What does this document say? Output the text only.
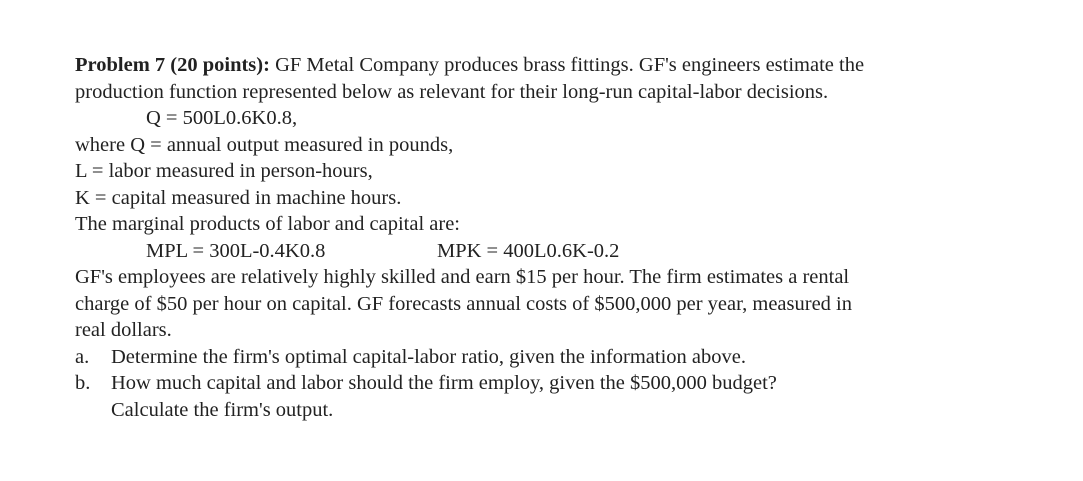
Problem 7 (20 points): GF Metal Company produces brass fittings. GF's engineers estimate the
production function represented below as relevant for their long-run capital-labor decisions.
Q = 500L0.6K0.8,
where Q = annual output measured in pounds,
L = labor measured in person-hours,
K = capital measured in machine hours.
The marginal products of labor and capital are:
MPL = 300L-0.4K0.8	MPK = 400L0.6K-0.2
GF's employees are relatively highly skilled and earn $15 per hour. The firm estimates a rental
charge of $50 per hour on capital. GF forecasts annual costs of $500,000 per year, measured in
real dollars.
a.	Determine the firm's optimal capital-labor ratio, given the information above.
b.	How much capital and labor should the firm employ, given the $500,000 budget?
Calculate the firm's output.
